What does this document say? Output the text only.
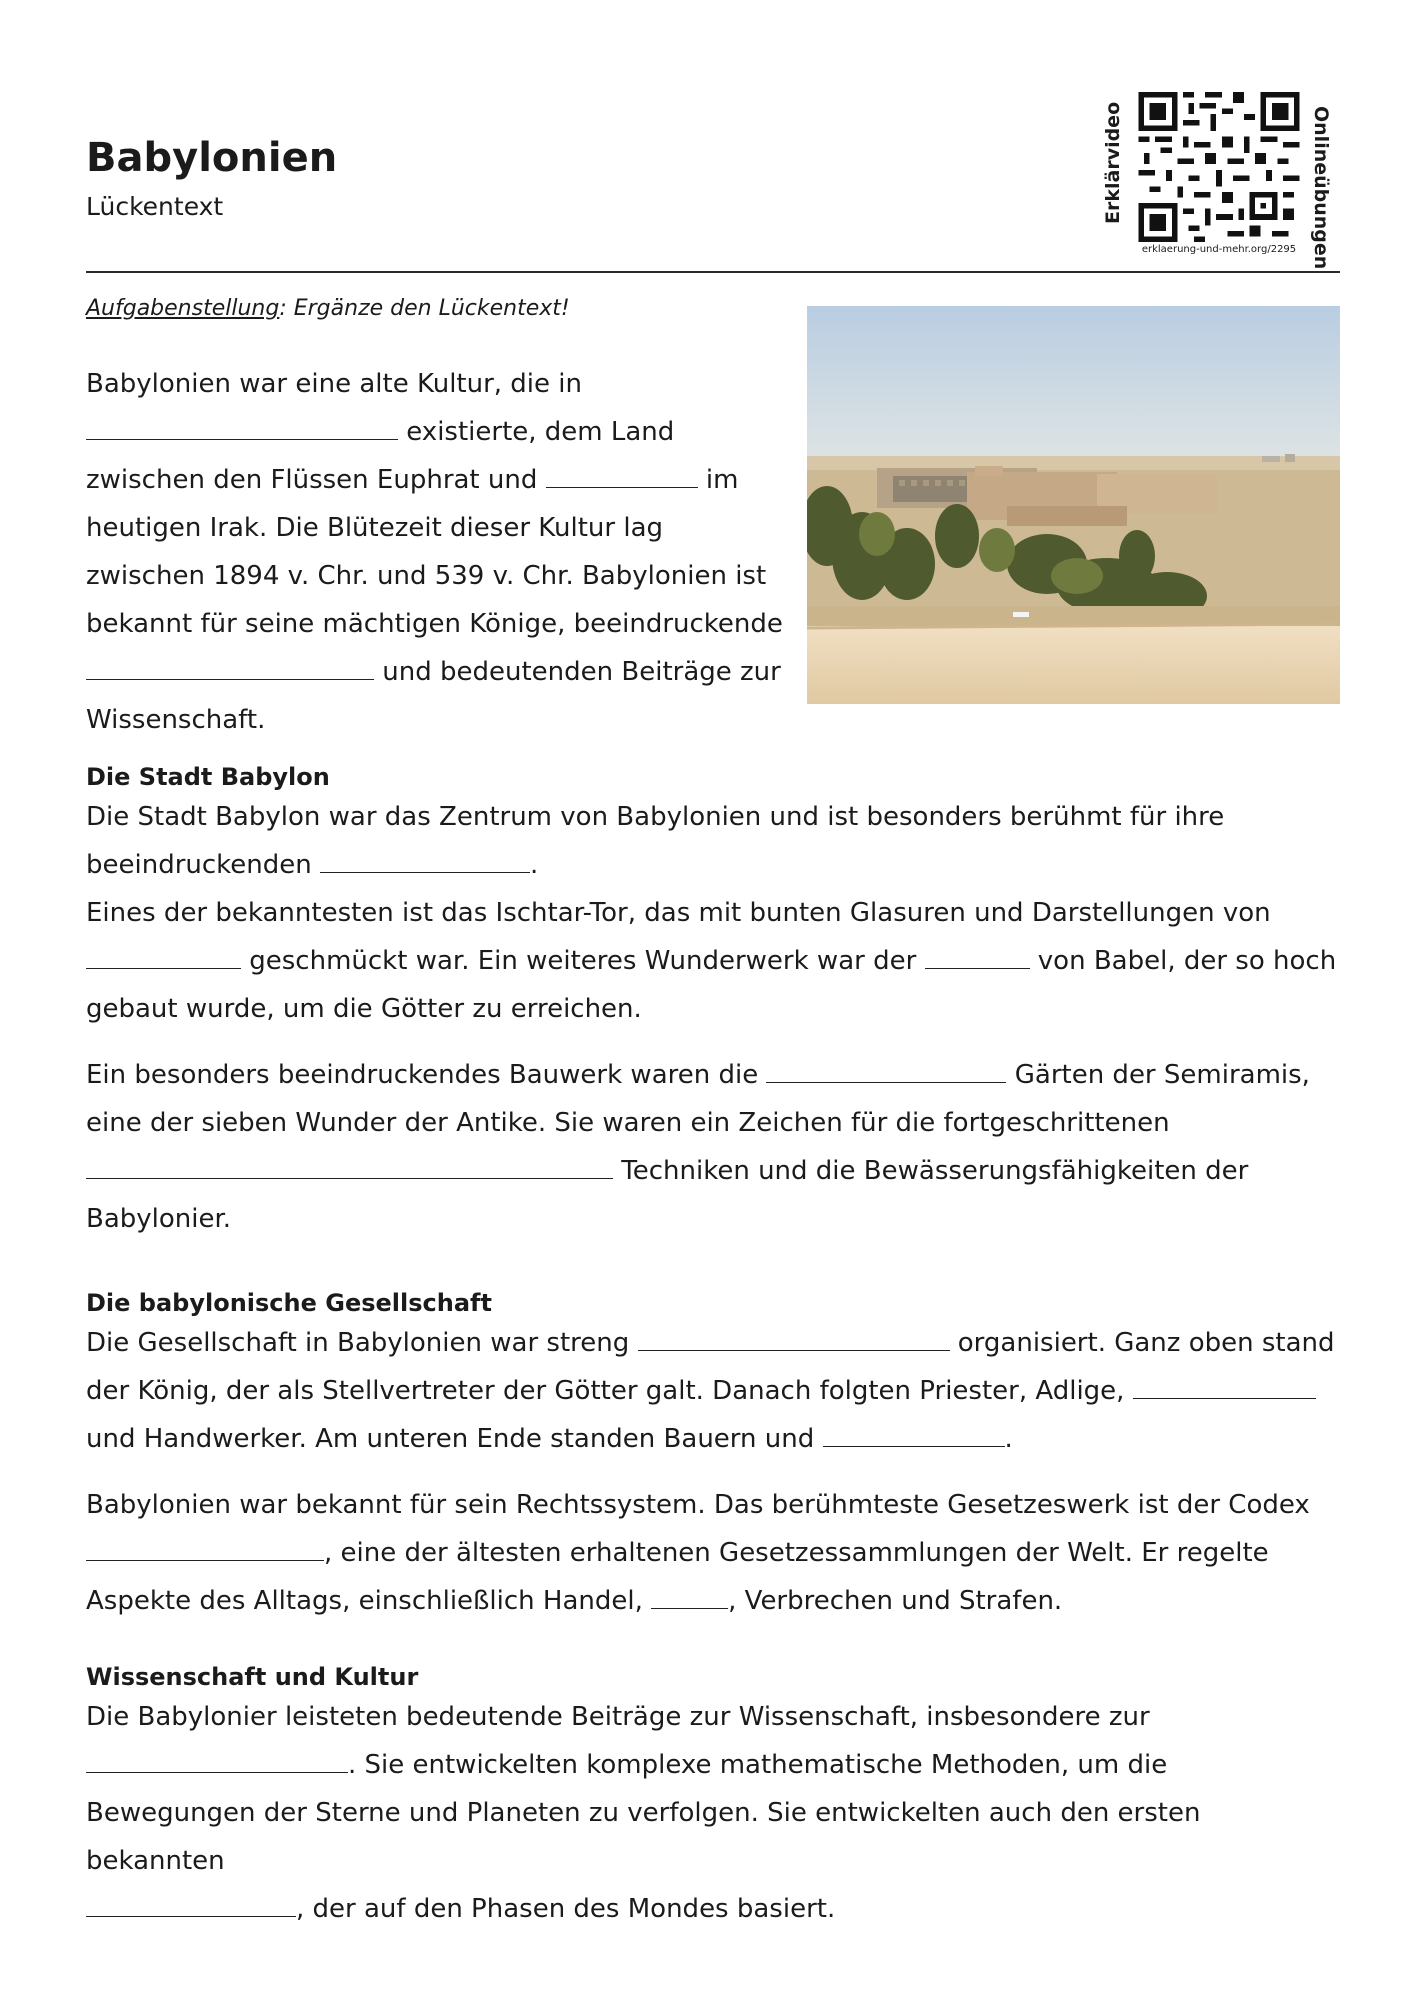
Babylonien

Lückentext	Erklärvideo
erklaerung-und-mehr.org/2295 Onlineübungen

Aufgabenstellung: Ergänze den Lückentext!

Babylonien war eine alte Kultur, die in
existierte, dem Land zwischen den Flüssen Euphrat und	im heutigen Irak. Die Blütezeit dieser Kultur lag zwischen 1894 v. Chr. und 539 v. Chr. Babylonien ist bekannt für seine mächtigen Könige, beeindruckende  und bedeutenden Beiträge zur Wissenschaft.

Die Stadt Babylon

Die Stadt Babylon war das Zentrum von Babylonien und ist besonders berühmt für ihre beeindruckenden	.
Eines der bekanntesten ist das Ischtar-Tor, das mit bunten Glasuren und Darstellungen von
geschmückt war. Ein weiteres Wunderwerk war der	von Babel, der so hoch gebaut wurde, um die Götter zu erreichen.

Ein besonders beeindruckendes Bauwerk waren die	Gärten der Semiramis, eine der sieben Wunder der Antike. Sie waren ein Zeichen für die fortgeschrittenen
Techniken und die Bewässerungsfähigkeiten der Babylonier.

Die babylonische Gesellschaft

Die Gesellschaft in Babylonien war streng	organisiert. Ganz oben stand der König, der als Stellvertreter der Götter galt. Danach folgten Priester, Adlige,  und Handwerker. Am unteren Ende standen Bauern und	.

Babylonien war bekannt für sein Rechtssystem. Das berühmteste Gesetzeswerk ist der Codex
, eine der ältesten erhaltenen Gesetzessammlungen der Welt. Er regelte Aspekte des Alltags, einschließlich Handel,	, Verbrechen und Strafen.

Wissenschaft und Kultur

Die Babylonier leisteten bedeutende Beiträge zur Wissenschaft, insbesondere zur
. Sie entwickelten komplexe mathematische Methoden, um die Bewegungen der Sterne und Planeten zu verfolgen. Sie entwickelten auch den ersten bekannten
, der auf den Phasen des Mondes basiert.
